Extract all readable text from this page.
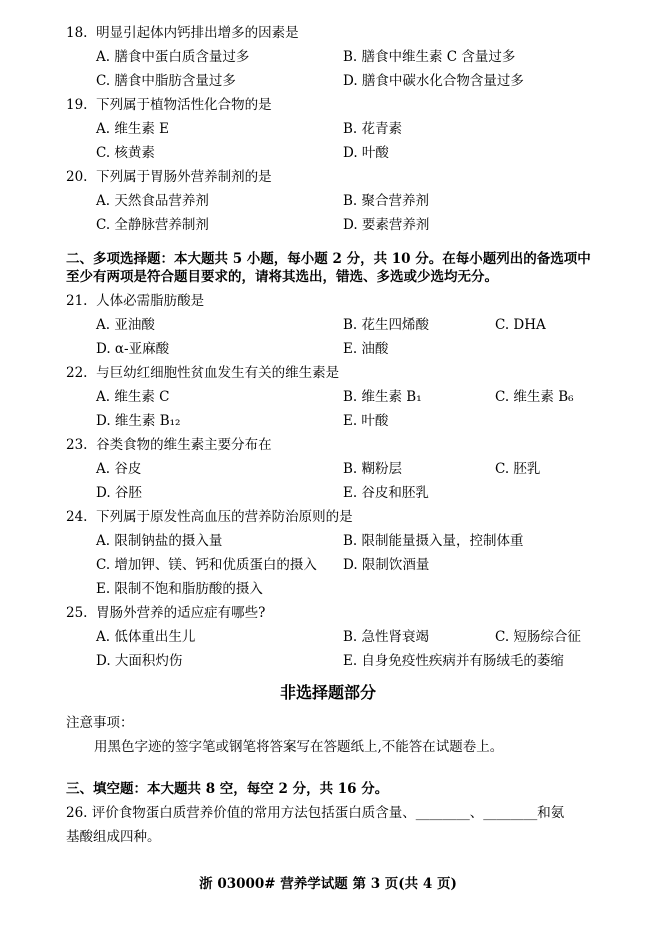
18. 明显引起体内钙排出增多的因素是
A. 膳食中蛋白质含量过多	B. 膳食中维生素 C 含量过多
C. 膳食中脂肪含量过多	D. 膳食中碳水化合物含量过多
19. 下列属于植物活性化合物的是
A. 维生素 E	B. 花青素
C. 核黄素	D. 叶酸
20. 下列属于胃肠外营养制剂的是
A. 天然食品营养剂	B. 聚合营养剂
C. 全静脉营养制剂	D. 要素营养剂
二、多项选择题：本大题共 5 小题，每小题 2 分，共 10 分。在每小题列出的备选项中
至少有两项是符合题目要求的，请将其选出，错选、多选或少选均无分。
21. 人体必需脂肪酸是
A. 亚油酸	B. 花生四烯酸	C. DHA
D. α-亚麻酸	E. 油酸
22. 与巨幼红细胞性贫血发生有关的维生素是
A. 维生素 C	B. 维生素 B₁	C. 维生素 B₆
D. 维生素 B₁₂	E. 叶酸
23. 谷类食物的维生素主要分布在
A. 谷皮	B. 糊粉层	C. 胚乳
D. 谷胚	E. 谷皮和胚乳
24. 下列属于原发性高血压的营养防治原则的是
A. 限制钠盐的摄入量	B. 限制能量摄入量，控制体重
C. 增加钾、镁、钙和优质蛋白的摄入 D. 限制饮酒量
E. 限制不饱和脂肪酸的摄入
25. 胃肠外营养的适应症有哪些?
A. 低体重出生儿	B. 急性肾衰竭	C. 短肠综合征
D. 大面积灼伤	E. 自身免疫性疾病并有肠绒毛的萎缩
非选择题部分
注意事项：
用黑色字迹的签字笔或钢笔将答案写在答题纸上,不能答在试题卷上。
三、填空题：本大题共 8 空，每空 2 分，共 16 分。
26. 评价食物蛋白质营养价值的常用方法包括蛋白质含量、________、________和氨
基酸组成四种。
浙 03000# 营养学试题 第 3 页(共 4 页)
